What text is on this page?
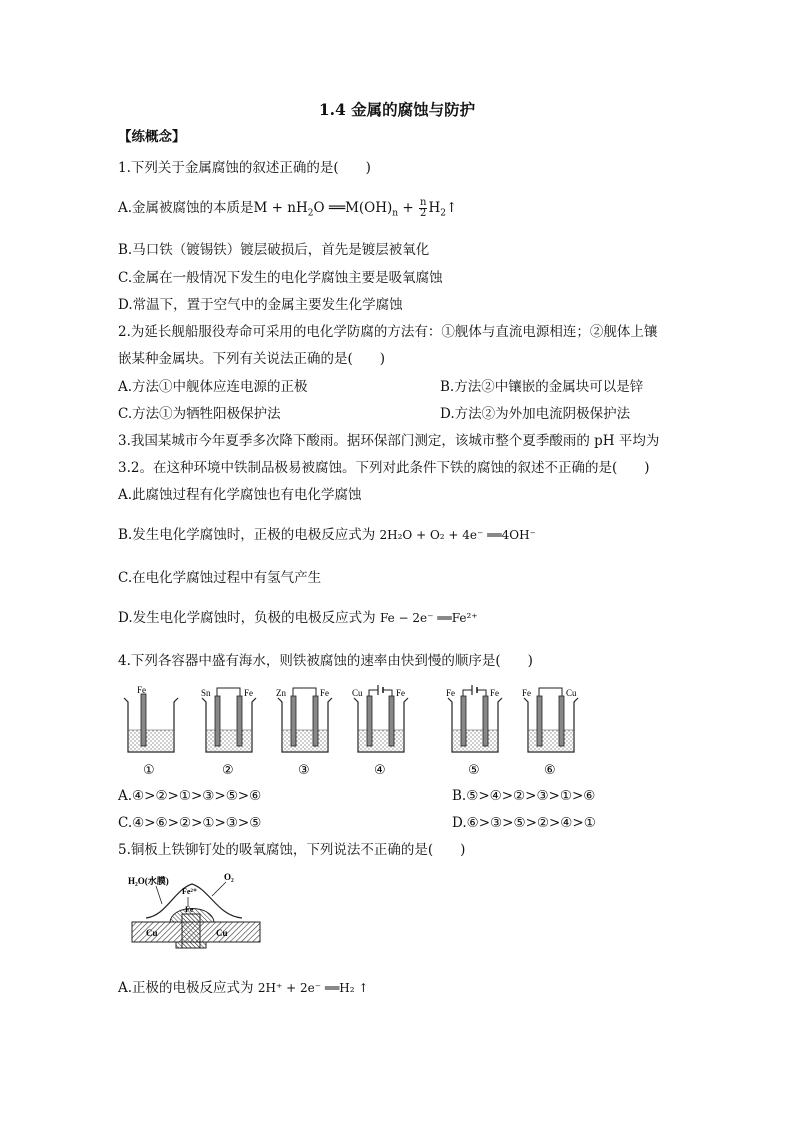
1.4 金属的腐蚀与防护
【练概念】
1.下列关于金属腐蚀的叙述正确的是(　　)
A.金属被腐蚀的本质是$M + nH_2O$ $══M(OH)_n + \frac{n}{2}$ $H_2↑$
B.马口铁（镀锡铁）镀层破损后，首先是镀层被氧化
C.金属在一般情况下发生的电化学腐蚀主要是吸氧腐蚀
D.常温下，置于空气中的金属主要发生化学腐蚀
2.为延长舰船服役寿命可采用的电化学防腐的方法有：①舰体与直流电源相连；②舰体上镶
嵌某种金属块。下列有关说法正确的是(　　)
A.方法①中舰体应连电源的正极	B.方法②中镶嵌的金属块可以是锌
C.方法①为牺牲阳极保护法	D.方法②为外加电流阴极保护法
3.我国某城市今年夏季多次降下酸雨。据环保部门测定，该城市整个夏季酸雨的 pH 平均为
3.2。在这种环境中铁制品极易被腐蚀。下列对此条件下铁的腐蚀的叙述不正确的是(　　)
A.此腐蚀过程有化学腐蚀也有电化学腐蚀
B.发生电化学腐蚀时，正极的电极反应式为 2H₂O + O₂ + 4e⁻ ══4OH⁻
C.在电化学腐蚀过程中有氢气产生
D.发生电化学腐蚀时，负极的电极反应式为 Fe − 2e⁻ ══Fe²⁺
4.下列各容器中盛有海水，则铁被腐蚀的速率由快到慢的顺序是(　　)
Fe
①
Sn	Fe
②
Zn	Fe
③
Cu	Fe
④
Fe	Fe
⑤
Fe	Cu
⑥
A.④>②>①>③>⑤>⑥	B.⑤>④>②>③>①>⑥
C.④>⑥>②>①>③>⑤	D.⑥>③>⑤>②>④>①
5.铜板上铁铆钉处的吸氧腐蚀，下列说法不正确的是(　　)
H₂O(水膜)
Fe²⁺
O₂
Fe
Cu	Cu
A.正极的电极反应式为 2H⁺ + 2e⁻ ══H₂ ↑
